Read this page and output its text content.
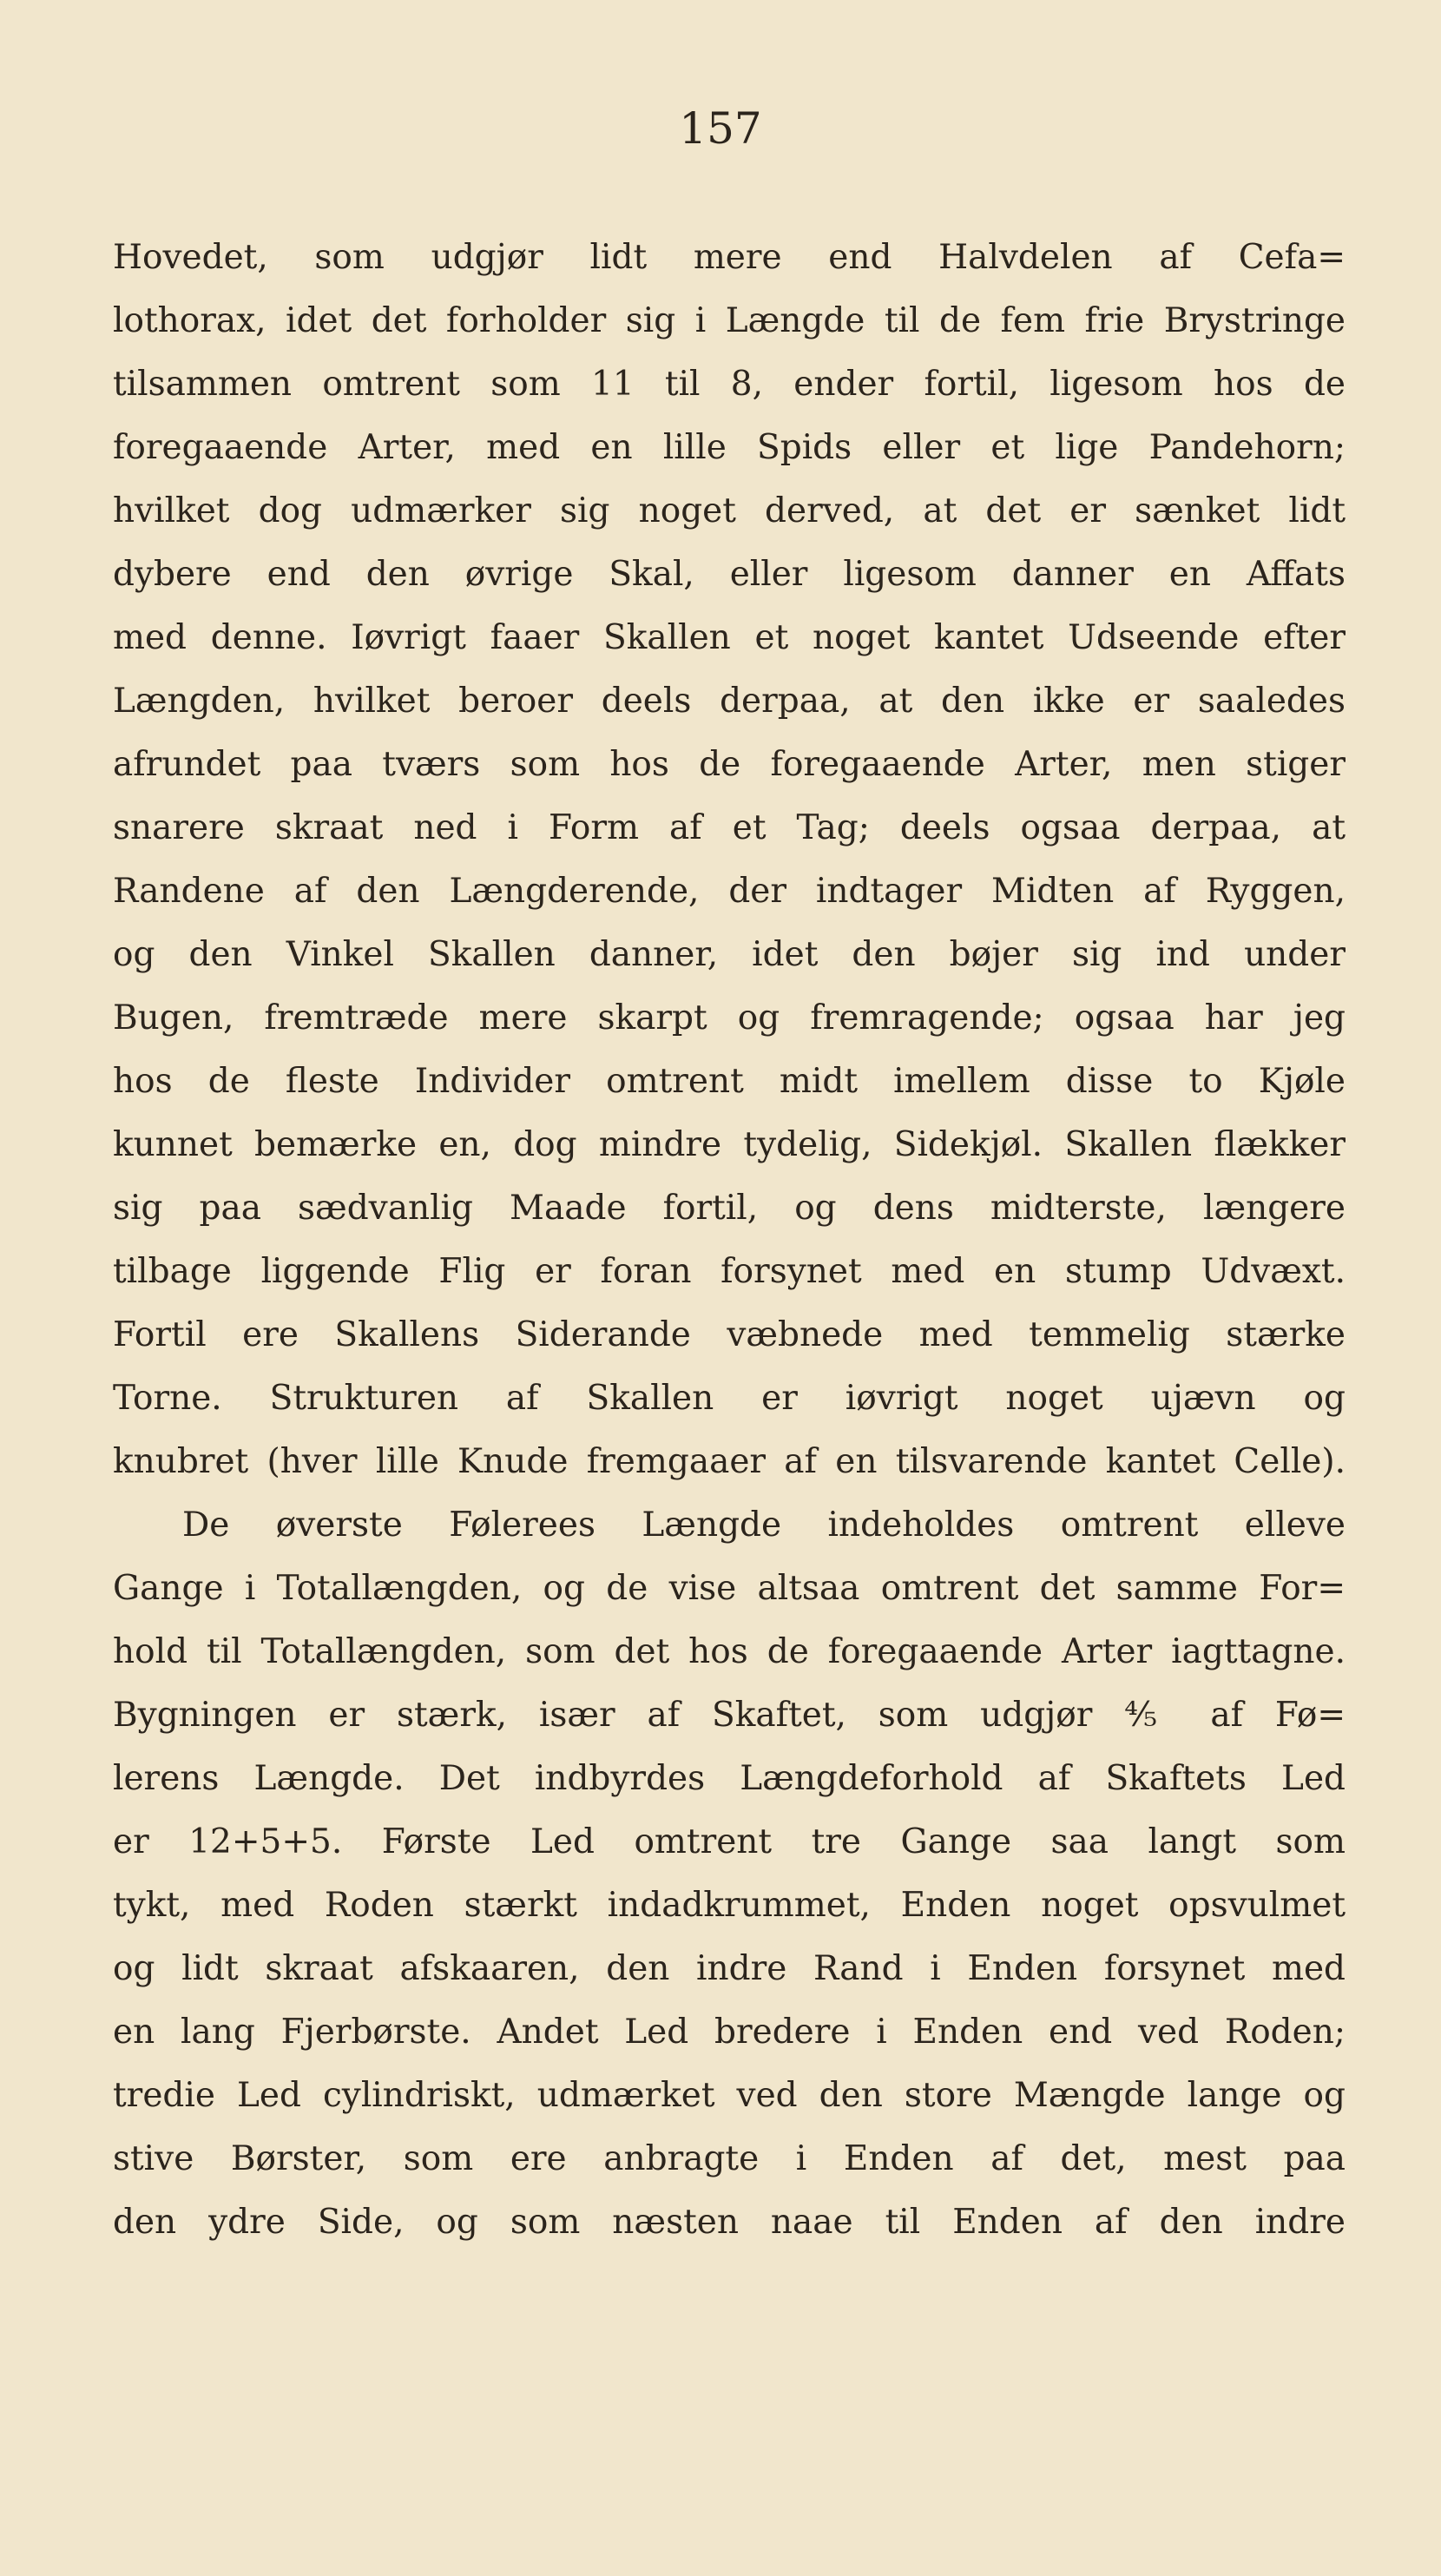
157
Hovedet, som udgjør lidt mere end Halvdelen af Cefa=
lothorax, idet det forholder sig i Længde til de fem frie Brystringe
tilsammen omtrent som 11 til 8, ender fortil, ligesom hos de
foregaaende Arter, med en lille Spids eller et lige Pandehorn;
hvilket dog udmærker sig noget derved, at det er sænket lidt
dybere end den øvrige Skal, eller ligesom danner en Affats
med denne. Iøvrigt faaer Skallen et noget kantet Udseende efter
Længden, hvilket beroer deels derpaa, at den ikke er saaledes
afrundet paa tværs som hos de foregaaende Arter, men stiger
snarere skraat ned i Form af et Tag; deels ogsaa derpaa, at
Randene af den Længderende, der indtager Midten af Ryggen,
og den Vinkel Skallen danner, idet den bøjer sig ind under
Bugen, fremtræde mere skarpt og fremragende; ogsaa har jeg
hos de fleste Individer omtrent midt imellem disse to Kjøle
kunnet bemærke en, dog mindre tydelig, Sidekjøl. Skallen flækker
sig paa sædvanlig Maade fortil, og dens midterste, længere
tilbage liggende Flig er foran forsynet med en stump Udvæxt.
Fortil ere Skallens Siderande væbnede med temmelig stærke
Torne. Strukturen af Skallen er iøvrigt noget ujævn og
knubret (hver lille Knude fremgaaer af en tilsvarende kantet Celle).
De øverste Følerees Længde indeholdes omtrent elleve
Gange i Totallængden, og de vise altsaa omtrent det samme For=
hold til Totallængden, som det hos de foregaaende Arter iagttagne.
Bygningen er stærk, især af Skaftet, som udgjør ⅘ af Fø=
lerens Længde. Det indbyrdes Længdeforhold af Skaftets Led
er 12+5+5. Første Led omtrent tre Gange saa langt som
tykt, med Roden stærkt indadkrummet, Enden noget opsvulmet
og lidt skraat afskaaren, den indre Rand i Enden forsynet med
en lang Fjerbørste. Andet Led bredere i Enden end ved Roden;
tredie Led cylindriskt, udmærket ved den store Mængde lange og
stive Børster, som ere anbragte i Enden af det, mest paa
den ydre Side, og som næsten naae til Enden af den indre
